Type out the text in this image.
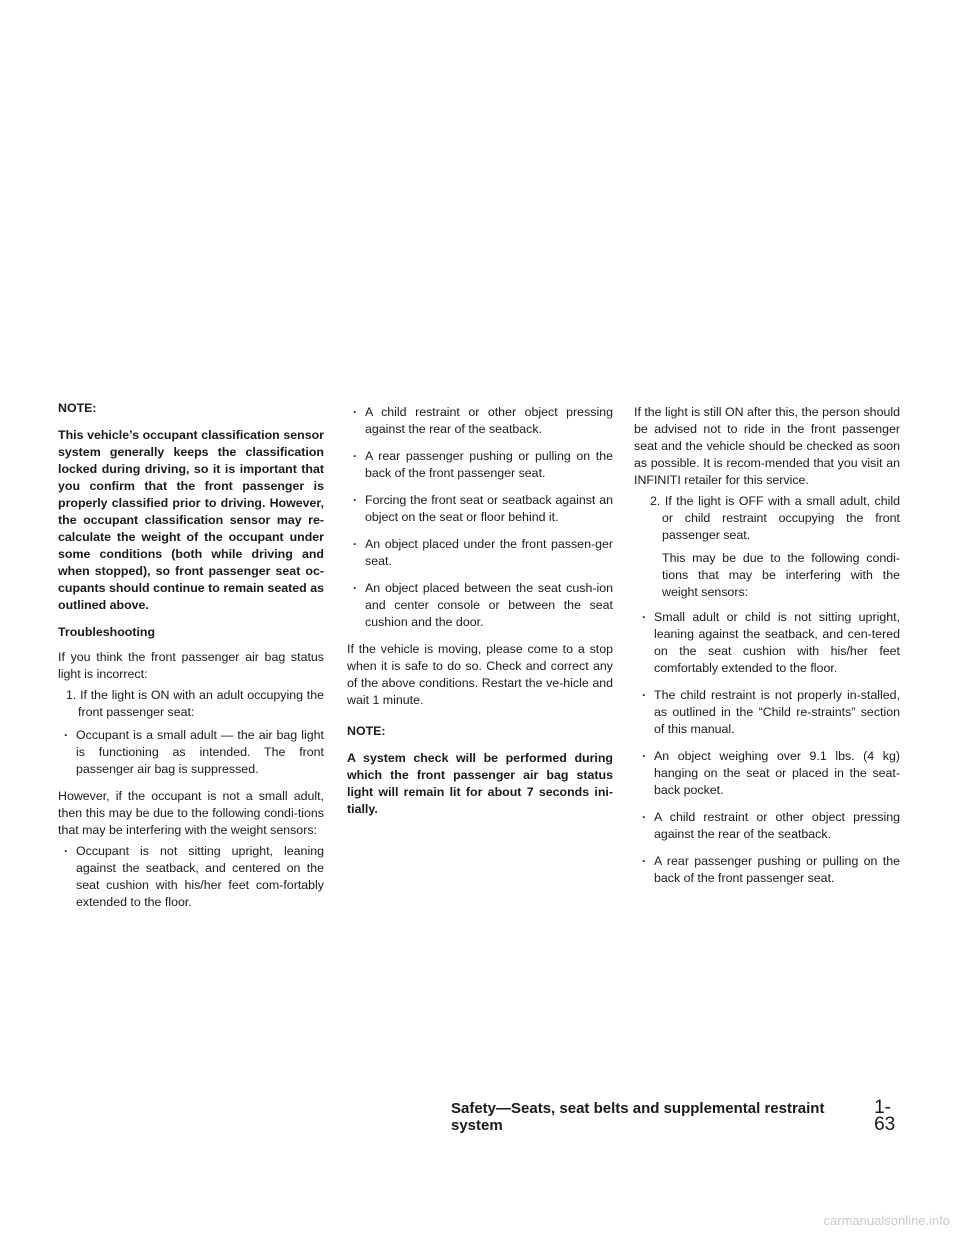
NOTE:

This vehicle’s occupant classification sensor system generally keeps the classification locked during driving, so it is important that you confirm that the front passenger is properly classified prior to driving. However, the occupant classification sensor may re-calculate the weight of the occupant under some conditions (both while driving and when stopped), so front passenger seat oc-cupants should continue to remain seated as outlined above.

Troubleshooting

If you think the front passenger air bag status light is incorrect:

1. If the light is ON with an adult occupying the front passenger seat:
· Occupant is a small adult — the air bag light is functioning as intended. The front passenger air bag is suppressed.

However, if the occupant is not a small adult, then this may be due to the following condi-tions that may be interfering with the weight sensors:

· Occupant is not sitting upright, leaning against the seatback, and centered on the seat cushion with his/her feet com-fortably extended to the floor.
· A child restraint or other object pressing against the rear of the seatback.
· A rear passenger pushing or pulling on the back of the front passenger seat.
· Forcing the front seat or seatback against an object on the seat or floor behind it.
· An object placed under the front passen-ger seat.
· An object placed between the seat cush-ion and center console or between the seat cushion and the door.

If the vehicle is moving, please come to a stop when it is safe to do so. Check and correct any of the above conditions. Restart the ve-hicle and wait 1 minute.

NOTE:

A system check will be performed during which the front passenger air bag status light will remain lit for about 7 seconds ini-tially.

If the light is still ON after this, the person should be advised not to ride in the front passenger seat and the vehicle should be checked as soon as possible. It is recom-mended that you visit an INFINITI retailer for this service.

2. If the light is OFF with a small adult, child or child restraint occupying the front passenger seat.
This may be due to the following condi-tions that may be interfering with the weight sensors:
· Small adult or child is not sitting upright, leaning against the seatback, and cen-tered on the seat cushion with his/her feet comfortably extended to the floor.
· The child restraint is not properly in-stalled, as outlined in the “Child re-straints” section of this manual.
· An object weighing over 9.1 lbs. (4 kg) hanging on the seat or placed in the seat-back pocket.
· A child restraint or other object pressing against the rear of the seatback.
· A rear passenger pushing or pulling on the back of the front passenger seat.
Safety—Seats, seat belts and supplemental restraint system
1-63
carmanualsonline.info
